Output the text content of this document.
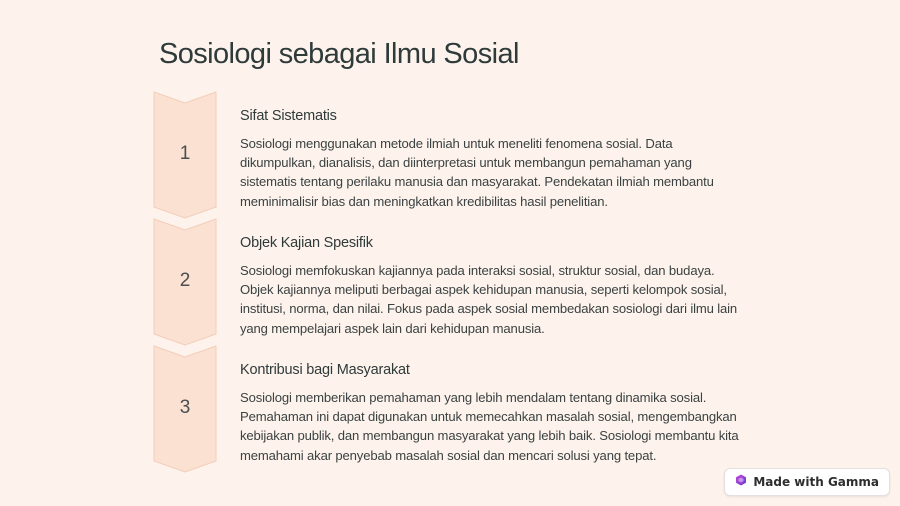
Sosiologi sebagai Ilmu Sosial
1
Sifat Sistematis
Sosiologi menggunakan metode ilmiah untuk meneliti fenomena sosial. Data dikumpulkan, dianalisis, dan diinterpretasi untuk membangun pemahaman yang sistematis tentang perilaku manusia dan masyarakat. Pendekatan ilmiah membantu meminimalisir bias dan meningkatkan kredibilitas hasil penelitian.
2
Objek Kajian Spesifik
Sosiologi memfokuskan kajiannya pada interaksi sosial, struktur sosial, dan budaya. Objek kajiannya meliputi berbagai aspek kehidupan manusia, seperti kelompok sosial, institusi, norma, dan nilai. Fokus pada aspek sosial membedakan sosiologi dari ilmu lain yang mempelajari aspek lain dari kehidupan manusia.
3
Kontribusi bagi Masyarakat
Sosiologi memberikan pemahaman yang lebih mendalam tentang dinamika sosial. Pemahaman ini dapat digunakan untuk memecahkan masalah sosial, mengembangkan kebijakan publik, dan membangun masyarakat yang lebih baik. Sosiologi membantu kita memahami akar penyebab masalah sosial dan mencari solusi yang tepat.
Made with Gamma
